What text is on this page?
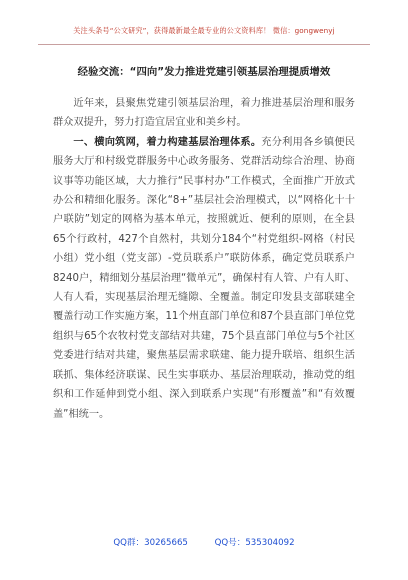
关注头条号“公文研究”，获得最新最全最专业的公文资料库！ 微信：gongwenyj
经验交流：“四向”发力推进党建引领基层治理提质增效

近年来，县聚焦党建引领基层治理，着力推进基层治理和服务群众双提升，努力打造宜居宜业和美乡村。

一、横向筑网，着力构建基层治理体系。充分利用各乡镇便民服务大厅和村级党群服务中心政务服务、党群活动综合治理、协商议事等功能区域，大力推行“民事村办”工作模式，全面推广开放式办公和精细化服务。深化“8+”基层社会治理模式，以“网格化十十户联防”划定的网格为基本单元，按照就近、便利的原则，在全县65个行政村，427个自然村，共划分184个“村党组织-网格（村民小组）党小组（党支部）-党员联系户”联防体系，确定党员联系户8240户，精细划分基层治理“微单元”，确保村有人管、户有人盯、人有人看，实现基层治理无缝隙、全覆盖。制定印发县支部联建全覆盖行动工作实施方案，11个州直部门单位和87个县直部门单位党组织与65个农牧村党支部结对共建，75个县直部门单位与5个社区党委进行结对共建，聚焦基层需求联建、能力提升联培、组织生活联抓、集体经济联谋、民生实事联办、基层治理联动，推动党的组织和工作延伸到党小组、深入到联系户实现“有形覆盖”和“有效覆盖”相统一。

QQ群：30265665	QQ号：535304092
